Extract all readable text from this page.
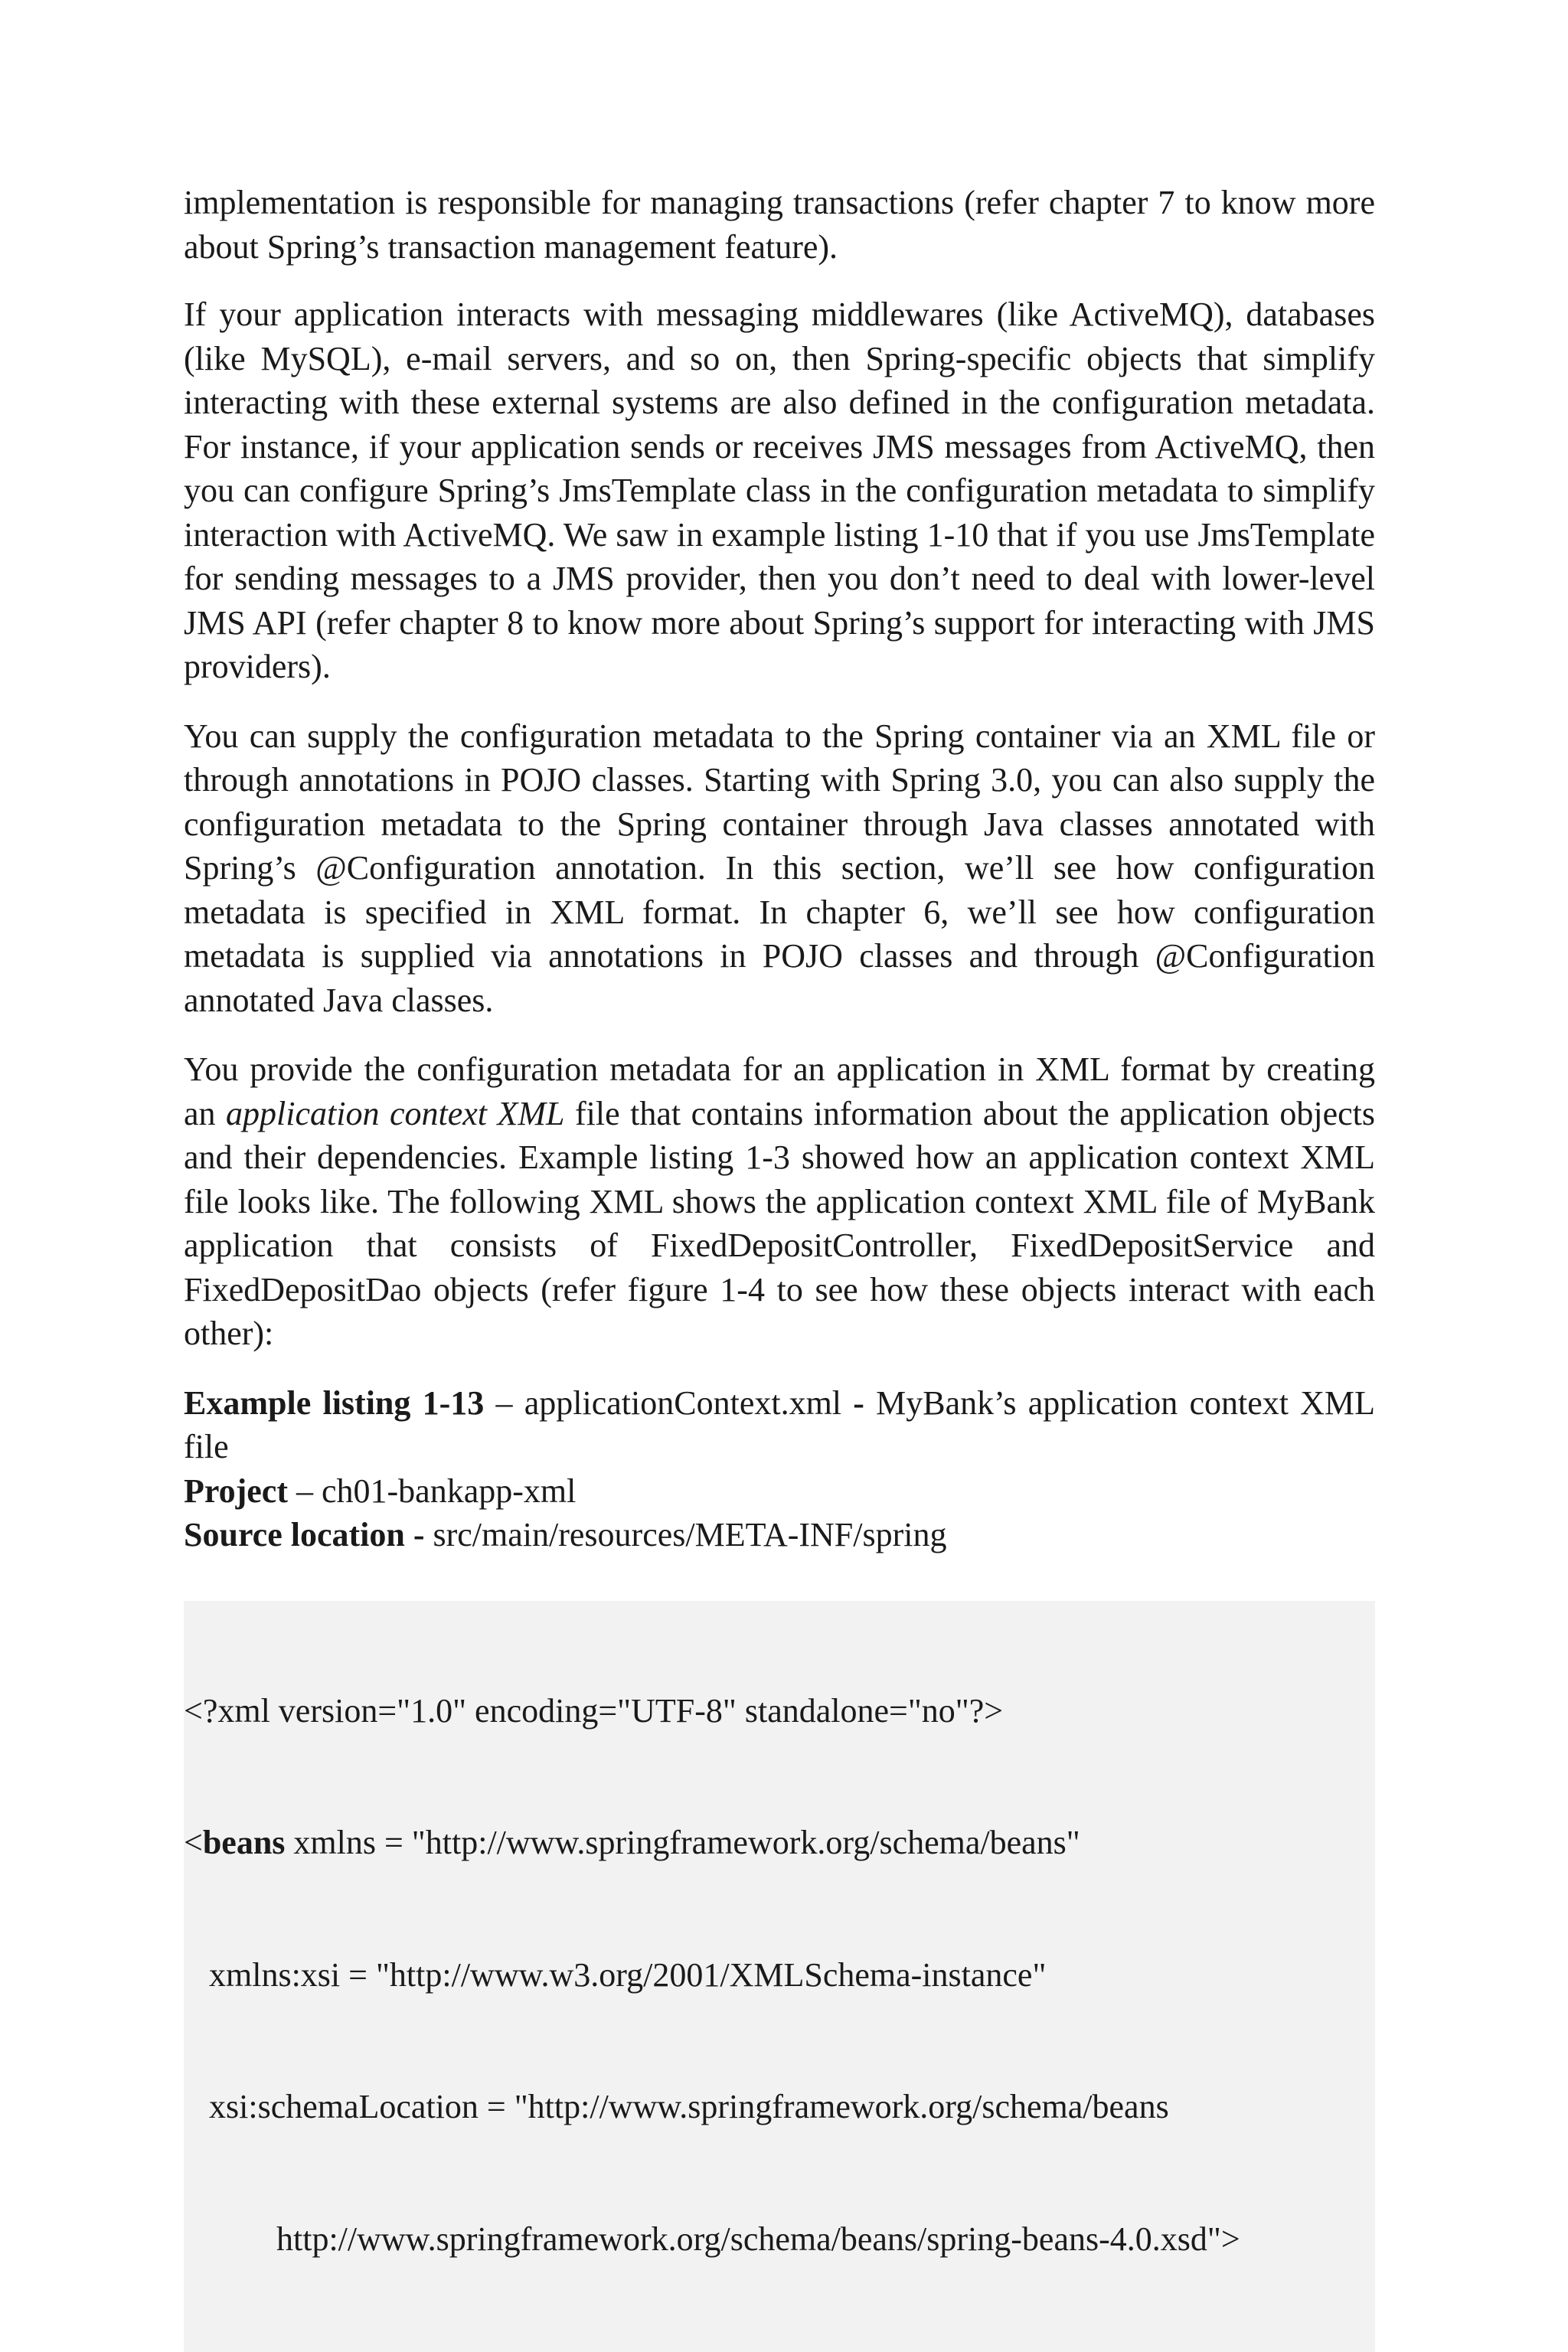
implementation is responsible for managing transactions (refer chapter 7 to know more about Spring’s transaction management feature).

If your application interacts with messaging middlewares (like ActiveMQ), databases (like MySQL), e-mail servers, and so on, then Spring-specific objects that simplify interacting with these external systems are also defined in the configuration metadata. For instance, if your application sends or receives JMS messages from ActiveMQ, then you can configure Spring’s JmsTemplate class in the configuration metadata to simplify interaction with ActiveMQ. We saw in example listing 1-10 that if you use JmsTemplate for sending messages to a JMS provider, then you don’t need to deal with lower-level JMS API (refer chapter 8 to know more about Spring’s support for interacting with JMS providers).

You can supply the configuration metadata to the Spring container via an XML file or through annotations in POJO classes. Starting with Spring 3.0, you can also supply the configuration metadata to the Spring container through Java classes annotated with Spring’s @Configuration annotation. In this section, we’ll see how configuration metadata is specified in XML format. In chapter 6, we’ll see how configuration metadata is supplied via annotations in POJO classes and through @Configuration annotated Java classes.

You provide the configuration metadata for an application in XML format by creating an application context XML file that contains information about the application objects and their dependencies. Example listing 1-3 showed how an application context XML file looks like. The following XML shows the application context XML file of MyBank application that consists of FixedDepositController, FixedDepositService and FixedDepositDao objects (refer figure 1-4 to see how these objects interact with each other):

Example listing 1-13 – applicationContext.xml - MyBank’s application context XML file

Project – ch01-bankapp-xml

Source location - src/main/resources/META-INF/spring

<?xml version="1.0" encoding="UTF-8" standalone="no"?>

<beans xmlns = "http://www.springframework.org/schema/beans"

xmlns:xsi = "http://www.w3.org/2001/XMLSchema-instance"

xsi:schemaLocation = "http://www.springframework.org/schema/beans

http://www.springframework.org/schema/beans/spring-beans-4.0.xsd">
